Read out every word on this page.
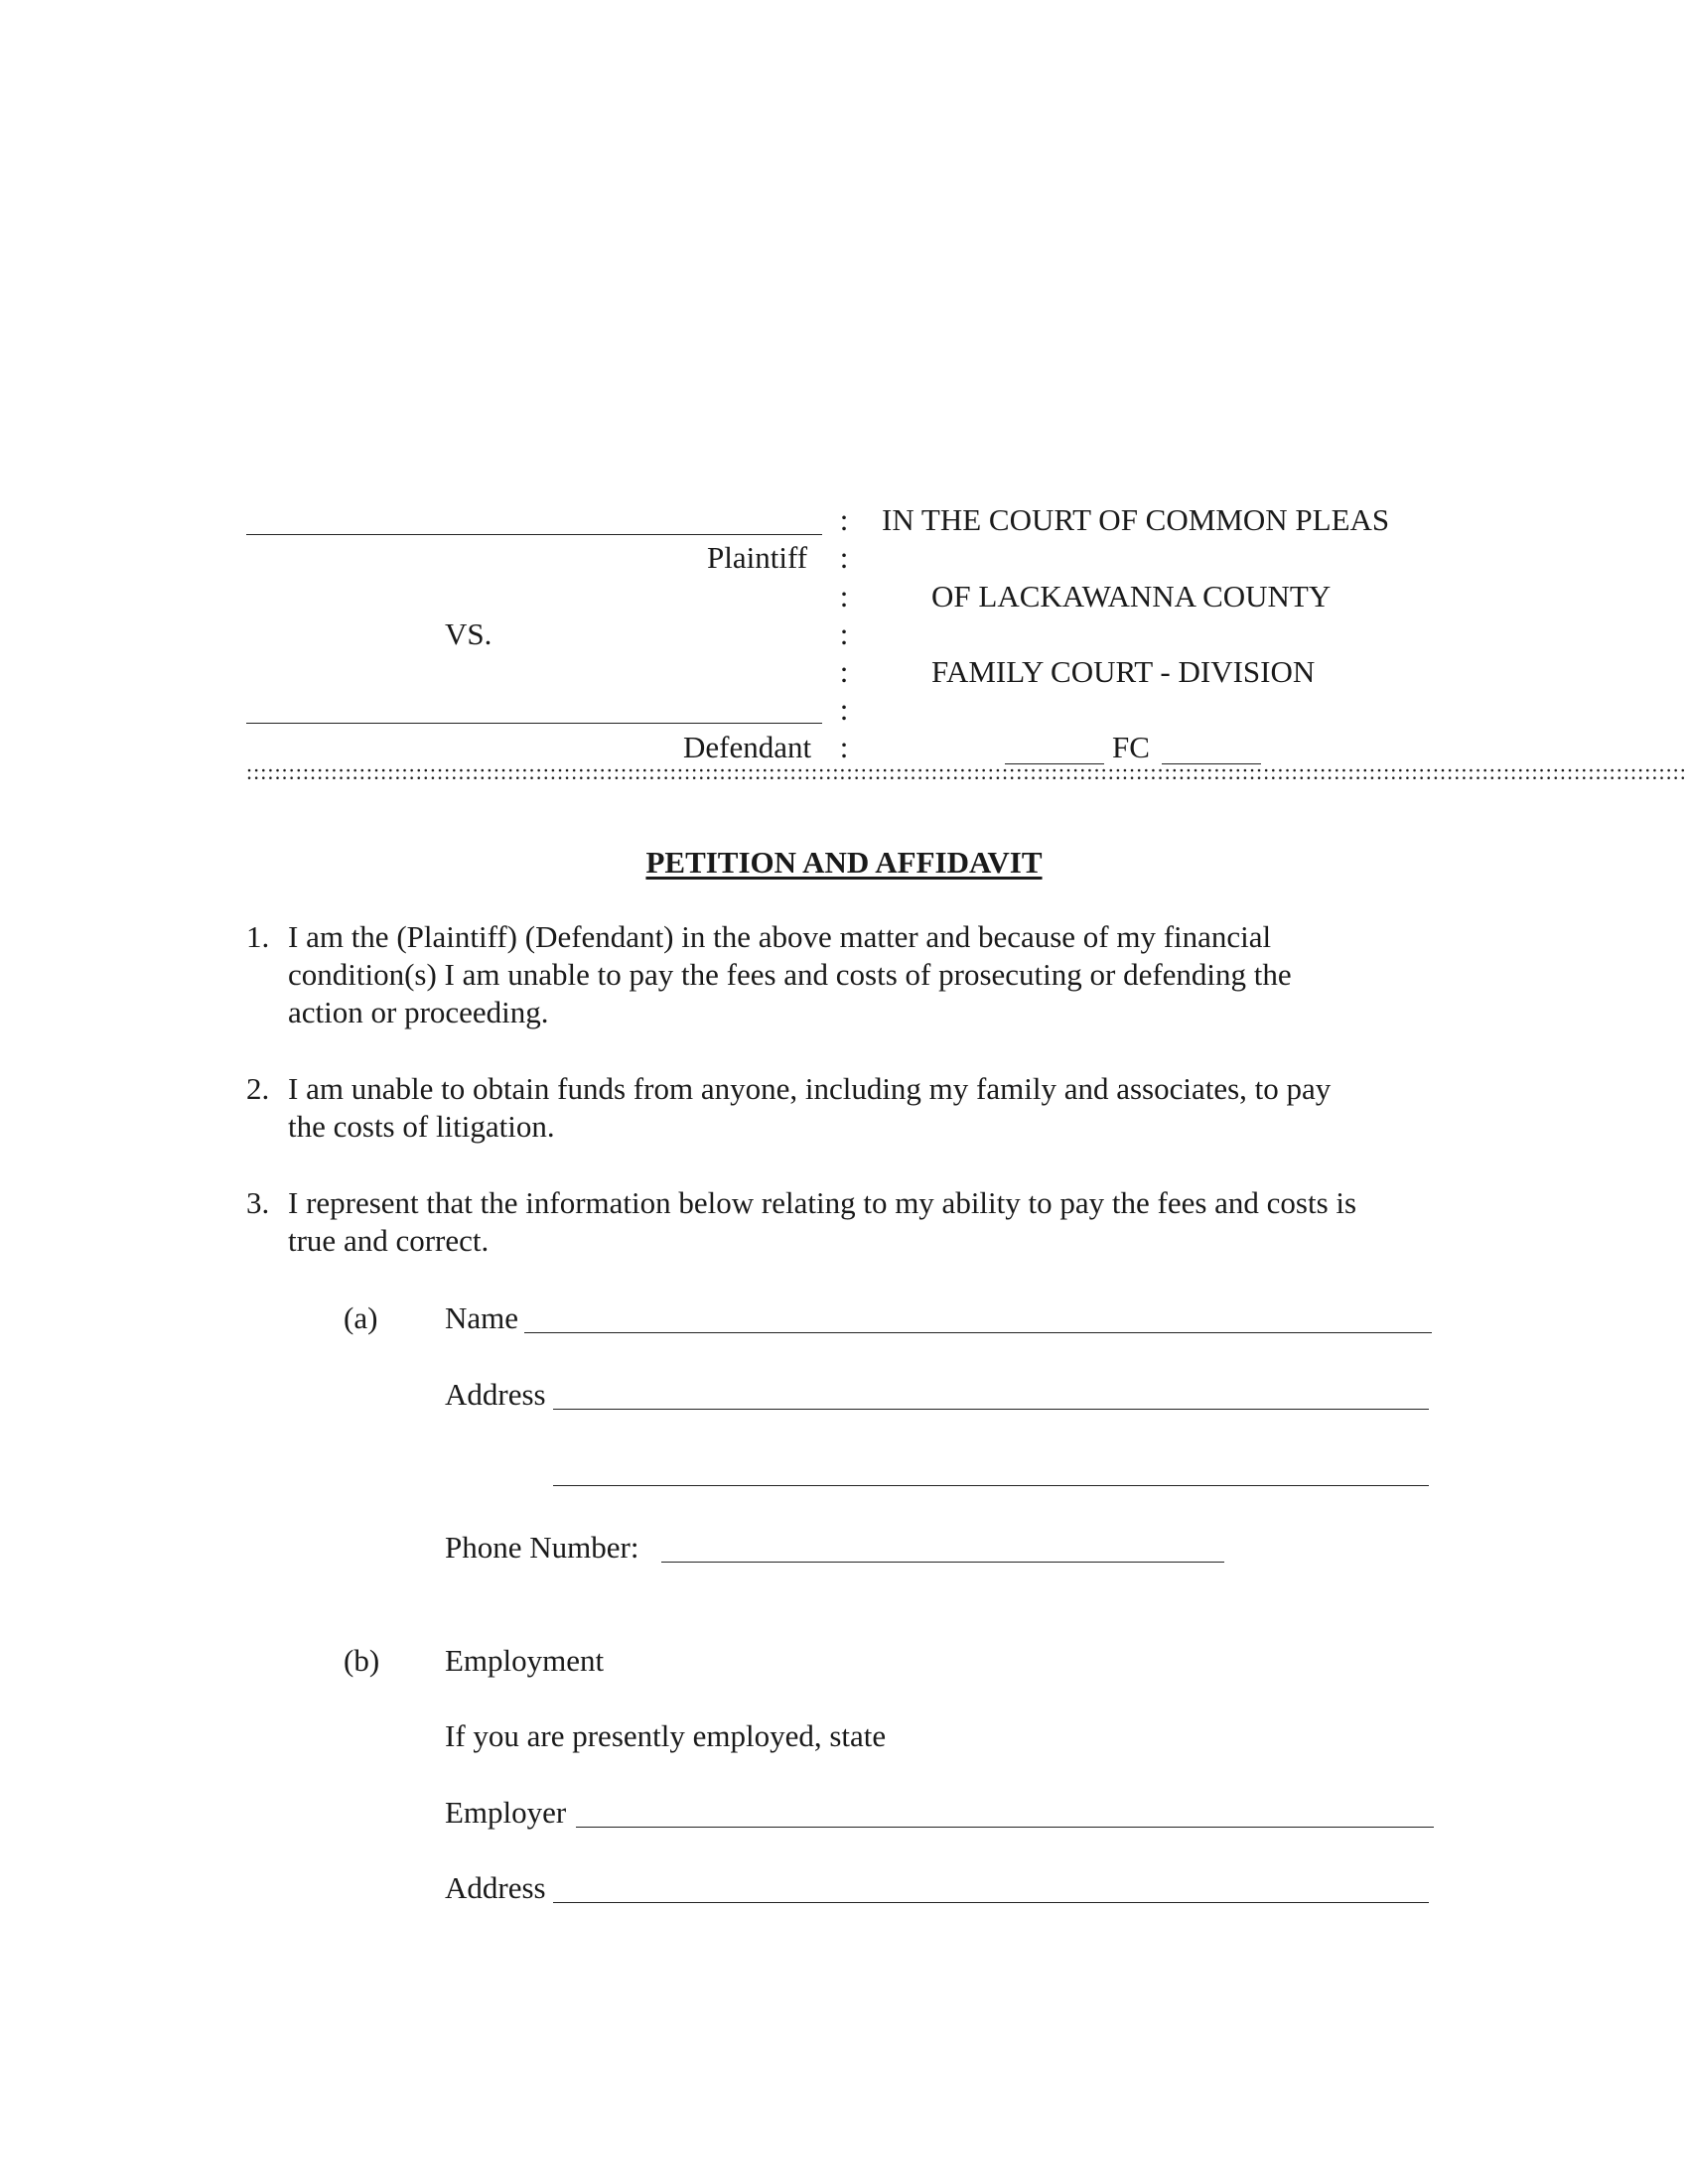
Plaintiff
VS.
Defendant
:
:
:
:
:
:
:
IN THE COURT OF COMMON PLEAS
OF LACKAWANNA COUNTY
FAMILY COURT - DIVISION
FC
::::::::::::::::::::::::::::::::::::::::::::::::::::::::::::::::::::::::::::::::::::::::::::::::::::::::::::::::::::::::::::::::::::::::::::::::::::::::::::::::::::::::::::::::::::::::::::::::::::::::::::
PETITION AND AFFIDAVIT
1. I am the (Plaintiff) (Defendant) in the above matter and because of my financial
condition(s) I am unable to pay the fees and costs of prosecuting or defending the
action or proceeding.
2. I am unable to obtain funds from anyone, including my family and associates, to pay
the costs of litigation.
3. I represent that the information below relating to my ability to pay the fees and costs is
true and correct.
(a) Name
Address
Phone Number:
(b) Employment
If you are presently employed, state
Employer
Address
